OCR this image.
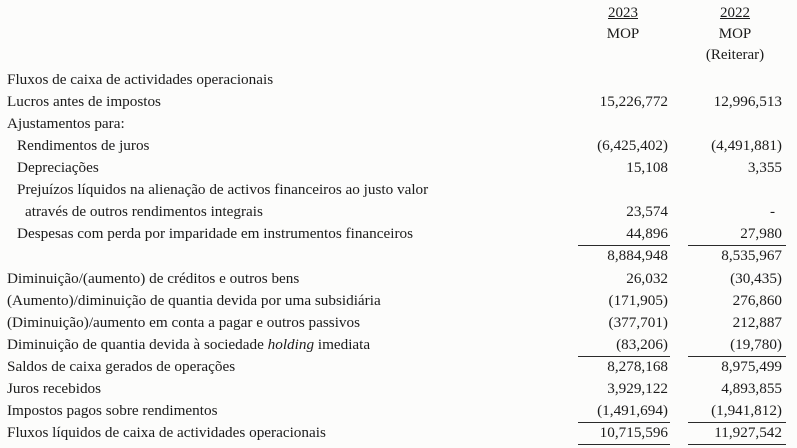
2023
MOP
2022
MOP
(Reiterar)
Fluxos de caixa de actividades operacionais
Lucros antes de impostos	15,226,772	12,996,513
Ajustamentos para:
Rendimentos de juros	(6,425,402)	(4,491,881)
Depreciações	15,108	3,355
Prejuízos líquidos na alienação de activos financeiros ao justo valor
através de outros rendimentos integrais	23,574	-
Despesas com perda por imparidade em instrumentos financeiros	44,896	27,980
8,884,948	8,535,967
Diminuição/(aumento) de créditos e outros bens	26,032	(30,435)
(Aumento)/diminuição de quantia devida por uma subsidiária	(171,905)	276,860
(Diminuição)/aumento em conta a pagar e outros passivos	(377,701)	212,887
Diminuição de quantia devida à sociedade holding imediata	(83,206)	(19,780)
Saldos de caixa gerados de operações	8,278,168	8,975,499
Juros recebidos	3,929,122	4,893,855
Impostos pagos sobre rendimentos	(1,491,694)	(1,941,812)
Fluxos líquidos de caixa de actividades operacionais	10,715,596	11,927,542
